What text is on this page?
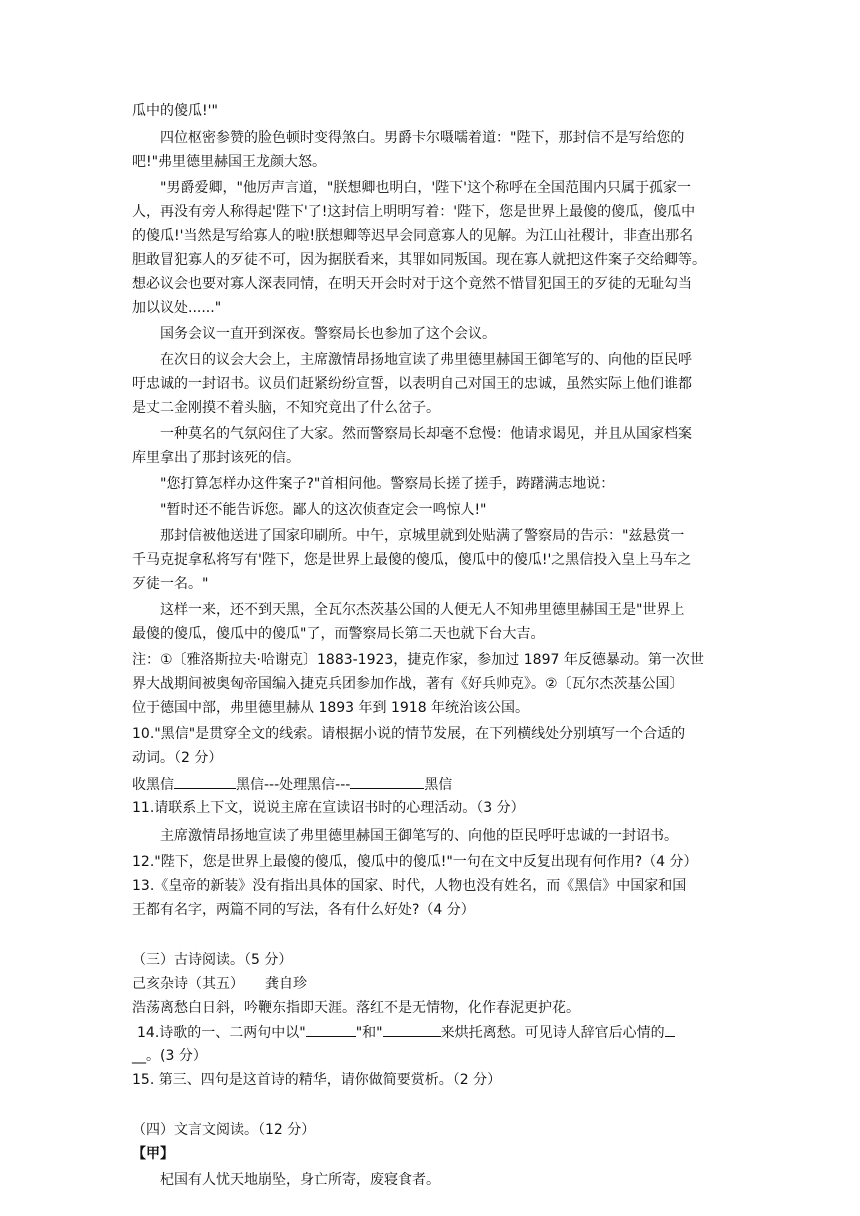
瓜中的傻瓜!'"
四位枢密参赞的脸色顿时变得煞白。男爵卡尔嗫嚅着道："陛下，那封信不是写给您的
吧!"弗里德里赫国王龙颜大怒。
"男爵爱卿，"他厉声言道，"朕想卿也明白，'陛下'这个称呼在全国范围内只属于孤家一
人，再没有旁人称得起'陛下'了!这封信上明明写着：'陛下，您是世界上最傻的傻瓜，傻瓜中
的傻瓜!'当然是写给寡人的啦!朕想卿等迟早会同意寡人的见解。为江山社稷计，非查出那名
胆敢冒犯寡人的歹徒不可，因为据朕看来，其罪如同叛国。现在寡人就把这件案子交给卿等。
想必议会也要对寡人深表同情，在明天开会时对于这个竟然不惜冒犯国王的歹徒的无耻勾当
加以议处......"
国务会议一直开到深夜。警察局长也参加了这个会议。
在次日的议会大会上，主席激情昂扬地宣读了弗里德里赫国王御笔写的、向他的臣民呼
吁忠诚的一封诏书。议员们赶紧纷纷宣誓，以表明自己对国王的忠诚，虽然实际上他们谁都
是丈二金刚摸不着头脑，不知究竟出了什么岔子。
一种莫名的气氛闷住了大家。然而警察局长却毫不怠慢：他请求谒见，并且从国家档案
库里拿出了那封该死的信。
"您打算怎样办这件案子?"首相问他。警察局长搓了搓手，踌躇满志地说：
"暂时还不能告诉您。鄙人的这次侦查定会一鸣惊人!"
那封信被他送进了国家印刷所。中午，京城里就到处贴满了警察局的告示："兹悬赏一
千马克捉拿私将写有'陛下，您是世界上最傻的傻瓜，傻瓜中的傻瓜!'之黑信投入皇上马车之
歹徒一名。"
这样一来，还不到天黑，全瓦尔杰茨基公国的人便无人不知弗里德里赫国王是"世界上
最傻的傻瓜，傻瓜中的傻瓜"了，而警察局长第二天也就下台大吉。
注：①〔雅洛斯拉夫·哈谢克〕1883-1923，捷克作家，参加过 1897 年反德暴动。第一次世
界大战期间被奥匈帝国编入捷克兵团参加作战，著有《好兵帅克》。②〔瓦尔杰茨基公国〕
位于德国中部，弗里德里赫从 1893 年到 1918 年统治该公国。
10."黑信"是贯穿全文的线索。请根据小说的情节发展，在下列横线处分别填写一个合适的
动词。（2 分）
收黑信	黑信---处理黑信---	黑信
11.请联系上下文，说说主席在宣读诏书时的心理活动。（3 分）
主席激情昂扬地宣读了弗里德里赫国王御笔写的、向他的臣民呼吁忠诚的一封诏书。
12."陛下，您是世界上最傻的傻瓜，傻瓜中的傻瓜!"一句在文中反复出现有何作用?（4 分）
13.《皇帝的新装》没有指出具体的国家、时代，人物也没有姓名，而《黑信》中国家和国
王都有名字，两篇不同的写法，各有什么好处?（4 分）
（三）古诗阅读。（5 分）
己亥杂诗（其五）　　龚自珍
浩荡离愁白日斜，吟鞭东指即天涯。落红不是无情物，化作春泥更护花。
14.诗歌的一、二两句中以"	"和"	来烘托离愁。可见诗人辞官后心情的
__。(3 分）
15. 第三、四句是这首诗的精华，请你做简要赏析。（2 分）
（四）文言文阅读。（12 分）
【甲】
杞国有人忧天地崩坠，身亡所寄，废寝食者。
